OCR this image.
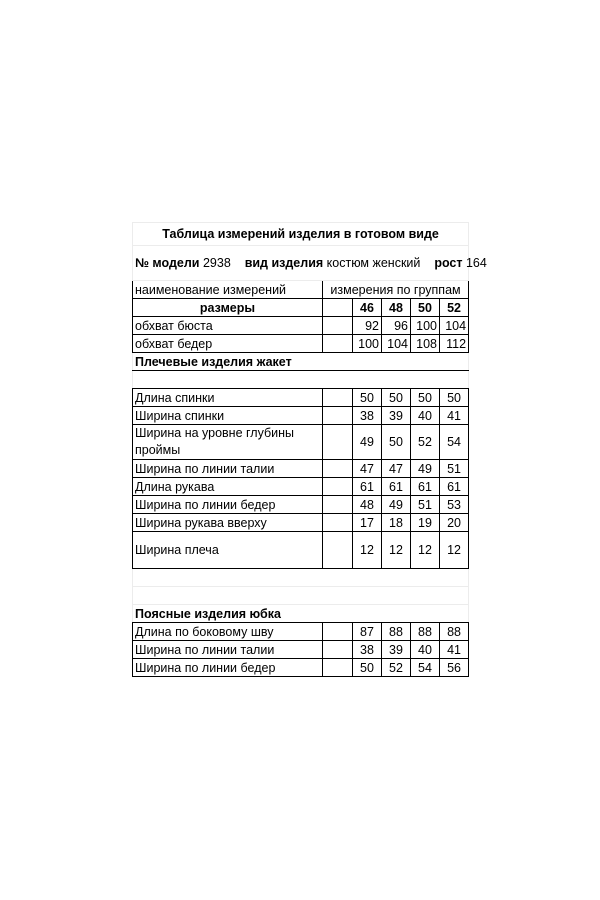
Таблица измерений изделия в готовом виде					
№ модели 2938 вид изделия костюм женский рост 164					
наименование измерений	измерения по группам				
размеры		46	48	50	52
обхват бюста		92	96	100	104
обхват бедер		100	104	108	112
Плечевые изделия жакет					

Длина спинки		50	50	50	50
Ширина спинки		38	39	40	41
Ширина на уровне глубины проймы		49	50	52	54
Ширина по линии талии		47	47	49	51
Длина рукава		61	61	61	61
Ширина по линии бедер		48	49	51	53
Ширина рукава вверху		17	18	19	20
Ширина плеча		12	12	12	12

Поясные изделия юбка					
Длина по боковому шву		87	88	88	88
Ширина по линии талии		38	39	40	41
Ширина по линии бедер		50	52	54	56
